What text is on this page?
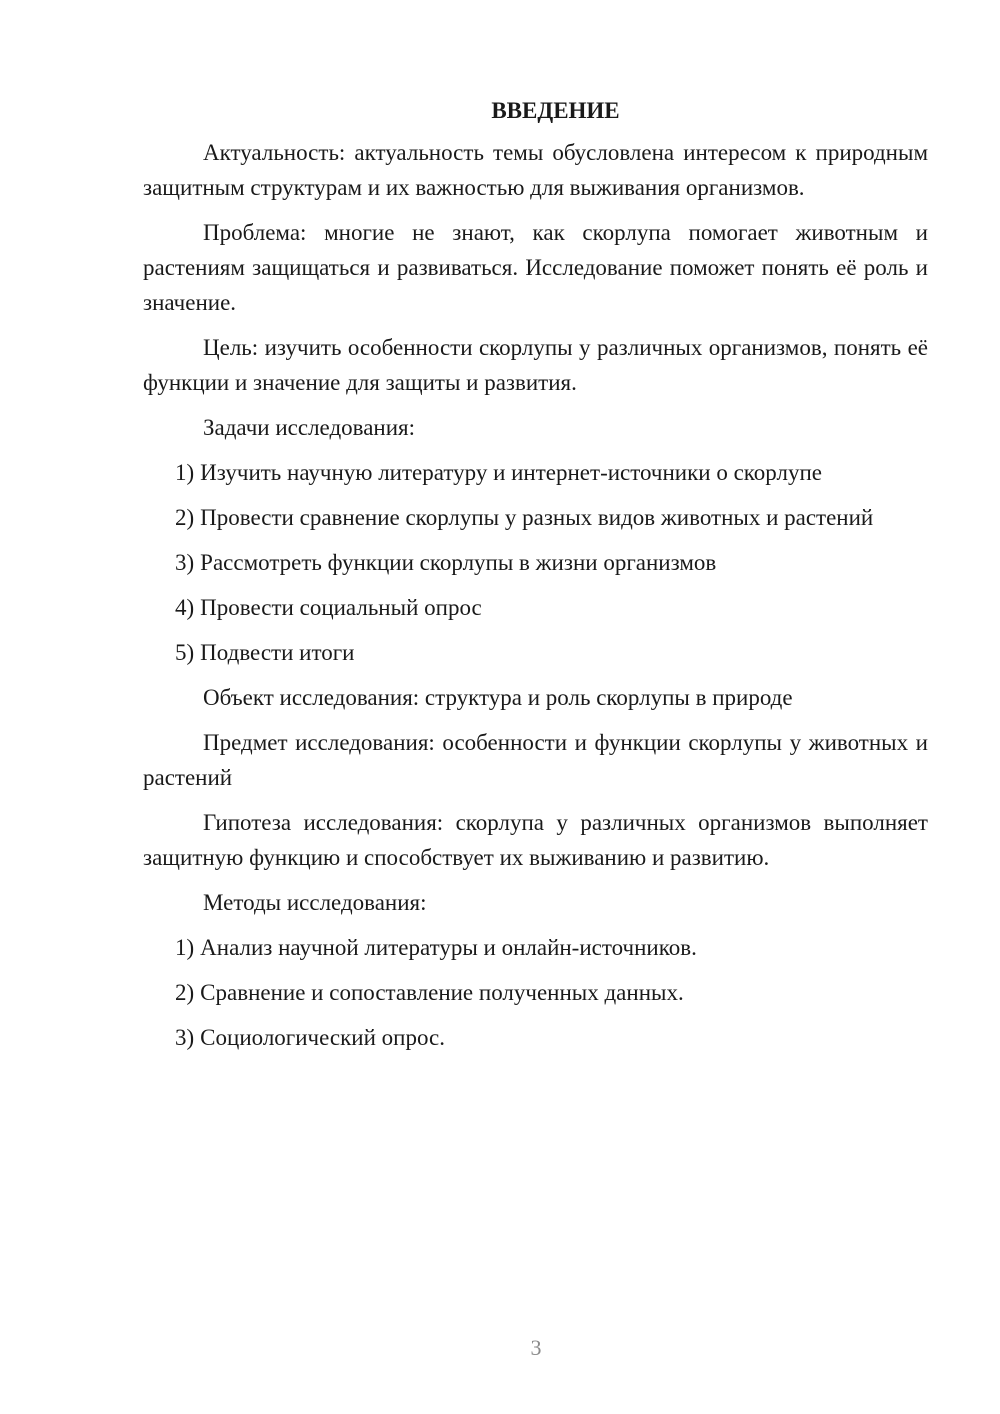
ВВЕДЕНИЕ

Актуальность: актуальность темы обусловлена интересом к природным защитным структурам и их важностью для выживания организмов.

Проблема: многие не знают, как скорлупа помогает животным и растениям защищаться и развиваться. Исследование поможет понять её роль и значение.

Цель: изучить особенности скорлупы у различных организмов, понять её функции и значение для защиты и развития.

Задачи исследования:

1) Изучить научную литературу и интернет-источники о скорлупе
2) Провести сравнение скорлупы у разных видов животных и растений
3) Рассмотреть функции скорлупы в жизни организмов
4) Провести социальный опрос
5) Подвести итоги

Объект исследования: структура и роль скорлупы в природе

Предмет исследования: особенности и функции скорлупы у животных и растений

Гипотеза исследования: скорлупа у различных организмов выполняет защитную функцию и способствует их выживанию и развитию.

Методы исследования:

1) Анализ научной литературы и онлайн-источников.
2) Сравнение и сопоставление полученных данных.
3) Социологический опрос.
3
